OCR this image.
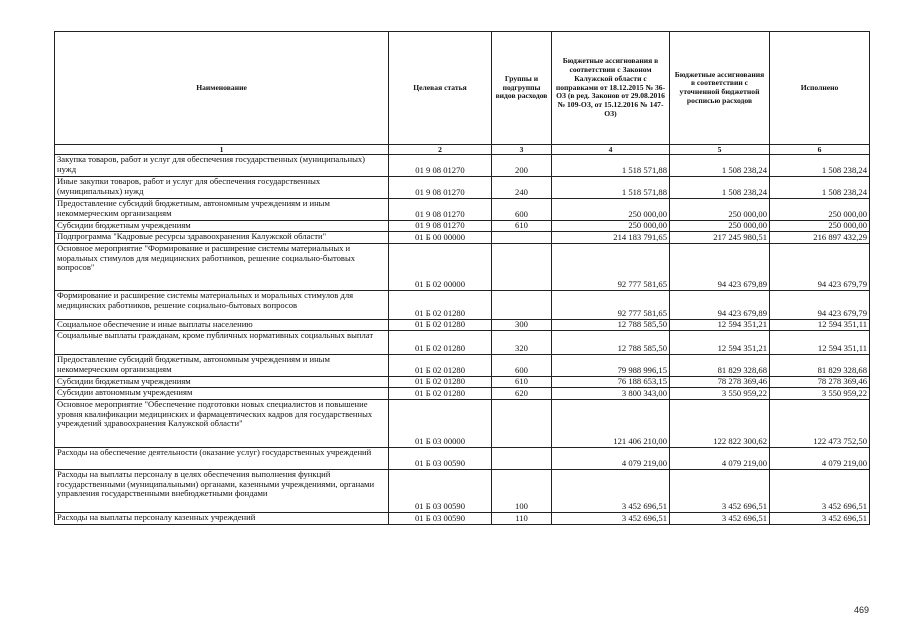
Наименование	Целевая статья	Группы и подгруппы видов расходов	Бюджетные ассигнования в соответствии с Законом Калужской области с поправками от 18.12.2015 № 36-ОЗ (в ред. Законов от 29.08.2016 № 109-ОЗ, от 15.12.2016 № 147-ОЗ)	Бюджетные ассигнования в соответствии с уточненной бюджетной росписью расходов	Исполнено
1	2	3	4	5	6
Закупка товаров, работ и услуг для обеспечения государственных (муниципальных) нужд	01 9 08 01270	200	1 518 571,88	1 508 238,24	1 508 238,24
Иные закупки товаров, работ и услуг для обеспечения государственных (муниципальных) нужд	01 9 08 01270	240	1 518 571,88	1 508 238,24	1 508 238,24
Предоставление субсидий бюджетным, автономным учреждениям и иным некоммерческим организациям	01 9 08 01270	600	250 000,00	250 000,00	250 000,00
Субсидии бюджетным учреждениям	01 9 08 01270	610	250 000,00	250 000,00	250 000,00
Подпрограмма "Кадровые ресурсы здравоохранения Калужской области"	01 Б 00 00000		214 183 791,65	217 245 980,51	216 897 432,29
Основное мероприятие "Формирование и расширение системы материальных и моральных стимулов для медицинских работников, решение социально-бытовых вопросов"	01 Б 02 00000		92 777 581,65	94 423 679,89	94 423 679,79
Формирование и расширение системы материальных и моральных стимулов для медицинских работников, решение социально-бытовых вопросов	01 Б 02 01280		92 777 581,65	94 423 679,89	94 423 679,79
Социальное обеспечение и иные выплаты населению	01 Б 02 01280	300	12 788 585,50	12 594 351,21	12 594 351,11
Социальные выплаты гражданам, кроме публичных нормативных социальных выплат	01 Б 02 01280	320	12 788 585,50	12 594 351,21	12 594 351,11
Предоставление субсидий бюджетным, автономным учреждениям и иным некоммерческим организациям	01 Б 02 01280	600	79 988 996,15	81 829 328,68	81 829 328,68
Субсидии бюджетным учреждениям	01 Б 02 01280	610	76 188 653,15	78 278 369,46	78 278 369,46
Субсидии автономным учреждениям	01 Б 02 01280	620	3 800 343,00	3 550 959,22	3 550 959,22
Основное мероприятие "Обеспечение подготовки новых специалистов и повышение уровня квалификации медицинских и фармацевтических кадров для государственных учреждений здравоохранения Калужской области"	01 Б 03 00000		121 406 210,00	122 822 300,62	122 473 752,50
Расходы на обеспечение деятельности (оказание услуг) государственных учреждений	01 Б 03 00590		4 079 219,00	4 079 219,00	4 079 219,00
Расходы на выплаты персоналу в целях обеспечения выполнения функций государственными (муниципальными) органами, казенными учреждениями, органами управления государственными внебюджетными фондами	01 Б 03 00590	100	3 452 696,51	3 452 696,51	3 452 696,51
Расходы на выплаты персоналу казенных учреждений	01 Б 03 00590	110	3 452 696,51	3 452 696,51	3 452 696,51
469
